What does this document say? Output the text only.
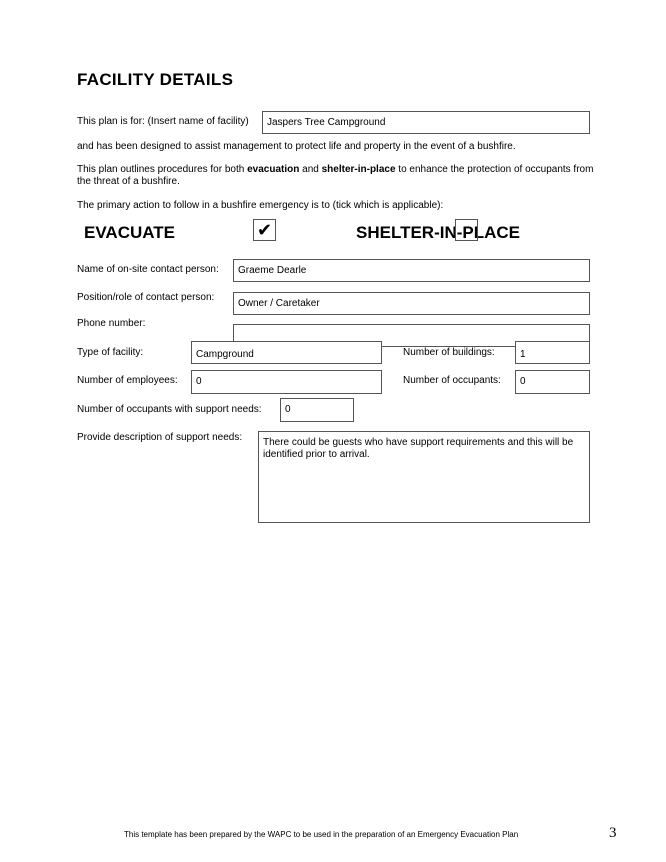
FACILITY DETAILS
This plan is for: (Insert name of facility)	Jaspers Tree Campground
and has been designed to assist management to protect life and property in the event of a bushfire.
This plan outlines procedures for both evacuation and shelter-in-place to enhance the protection of occupants from the threat of a bushfire.
The primary action to follow in a bushfire emergency is to (tick which is applicable):
EVACUATE	✔	SHELTER-IN-PLACE
Name of on-site contact person:	Graeme Dearle
Position/role of contact person:
Owner / Caretaker
Phone number:
Type of facility:	Campground	Number of buildings:	1
Number of employees:	0	Number of occupants:	0
Number of occupants with support needs:	0
Provide description of support needs:	There could be guests who have support requirements and this will be identified prior to arrival.
This template has been prepared by the WAPC to be used in the preparation of an Emergency Evacuation Plan	3
